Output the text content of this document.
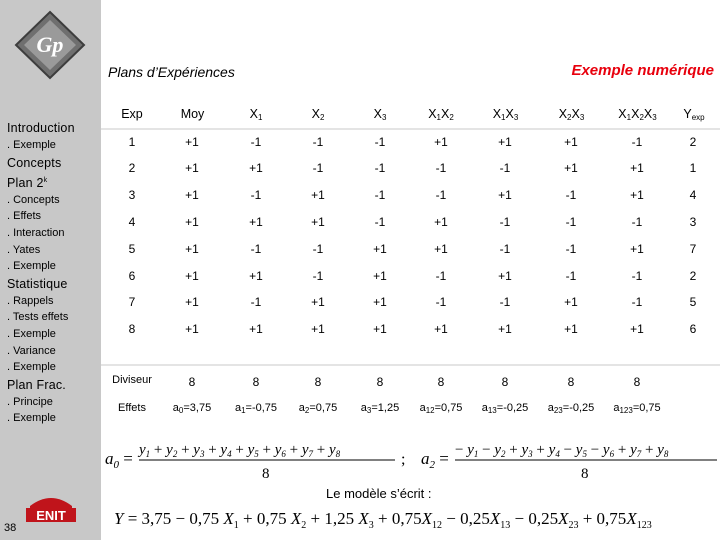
Gp
Introduction
. Exemple
Concepts
Plan 2$^k$
. Concepts
. Effets
. Interaction
. Yates
. Exemple
Statistique
. Rappels
. Tests effets
. Exemple
. Variance
. Exemple
Plan Frac.
. Principe
. Exemple
ENIT
38
Plans d’Expériences	Exemple numérique
Exp	Moy	$X_1$	$X_2$	$X_3$	$X_1X_2$	$X_1X_3$	$X_2X_3$	$X_1X_2X_3$	$Y_{exp}$
1	+1	-1	-1	-1	+1	+1	+1	-1	2
2	+1	+1	-1	-1	-1	-1	+1	+1	1
3	+1	-1	+1	-1	-1	+1	-1	+1	4
4	+1	+1	+1	-1	+1	-1	-1	-1	3
5	+1	-1	-1	+1	+1	-1	-1	+1	7
6	+1	+1	-1	+1	-1	+1	-1	-1	2
7	+1	-1	+1	+1	-1	-1	+1	-1	5
8	+1	+1	+1	+1	+1	+1	+1	+1	6
Diviseur	8	8	8	8	8	8	8	8
Effets	$a_0=3,75$	$a_1=-0,75$	$a_2=0,75$	$a_3=1,25$	$a_{12}=0,75$	$a_{13}=-0,25$	$a_{23}=-0,25$	$a_{123}=0,75$
$a_0 = y_1 + y_2 + y_3 + y_4 + y_5 + y_6 + y_7 + y_8$
8
; $a_2$ = − $y_1 - y_2 + y_3 + y_4 - y_5 - y_6 + y_7 + y_8$
8
Le modèle s’écrit :
Y = 3,75 − 0,75 $X_1 + 0,75$ $X_2 + 1,25$ $X_3 + 0,75X_{12} - 0,25X_{13} - 0,25X_{23} + 0,75X_{123}$
